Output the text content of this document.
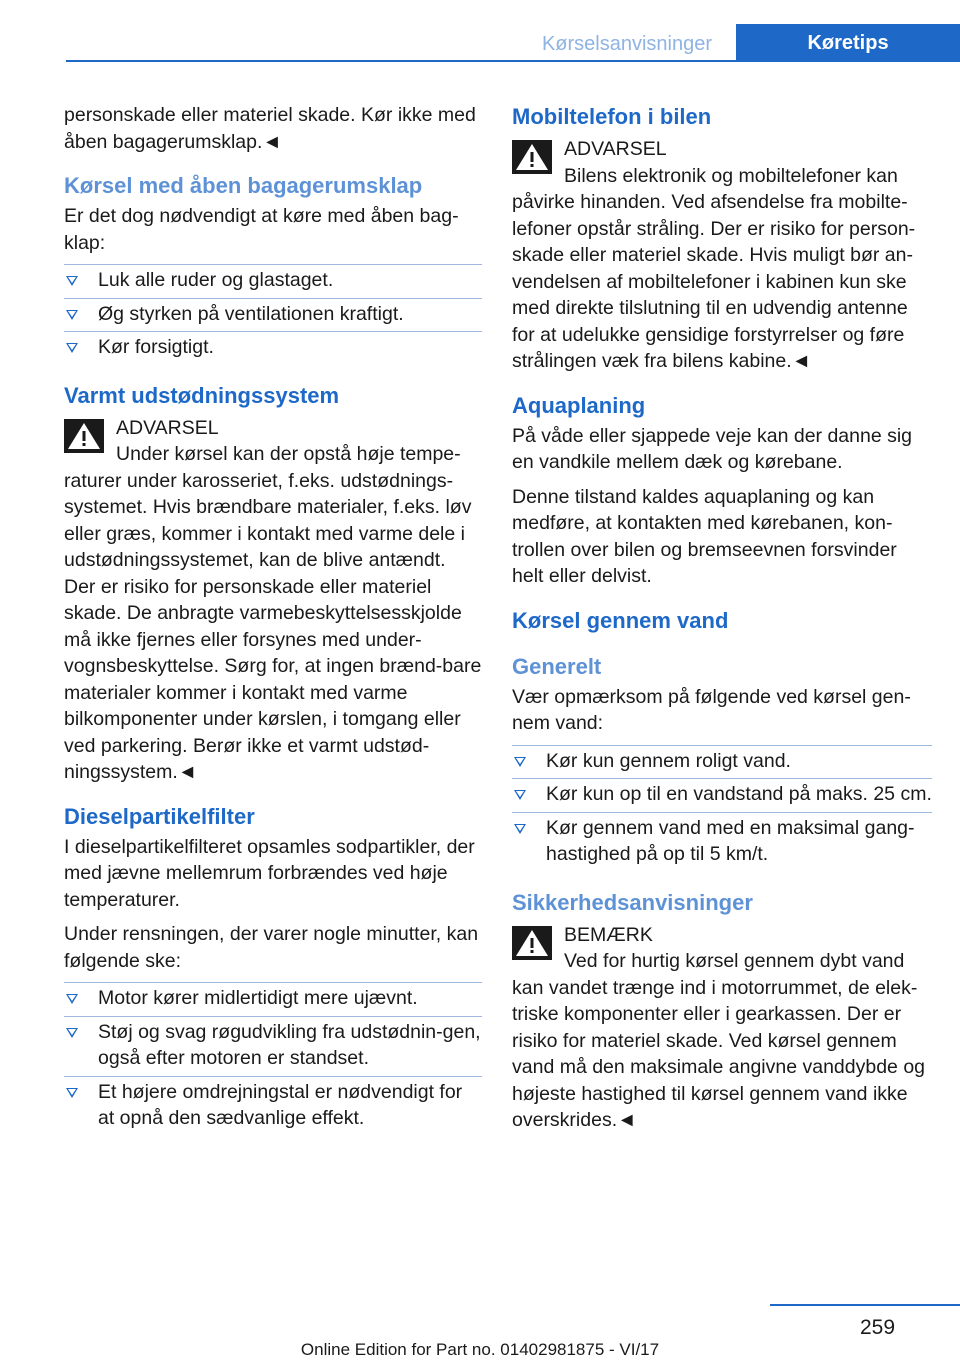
Kørselsanvisninger	Køretips

personskade eller materiel skade. Kør ikke med åben bagagerumsklap.◄

Kørsel med åben bagagerumsklap

Er det dog nødvendigt at køre med åben bag‐klap:

Luk alle ruder og glastaget.
Øg styrken på ventilationen kraftigt.
Kør forsigtigt.
Varmt udstødningssystem
ADVARSEL
Under kørsel kan der opstå høje tempe‐

raturer under karosseriet, f.eks. udstødnings‐systemet. Hvis brændbare materialer, f.eks. løv eller græs, kommer i kontakt med varme dele i udstødningssystemet, kan de blive antændt. Der er risiko for personskade eller materiel skade. De anbragte varmebeskyttelsesskjolde må ikke fjernes eller forsynes med under‐vognsbeskyttelse. Sørg for, at ingen brænd‐bare materialer kommer i kontakt med varme bilkomponenter under kørslen, i tomgang eller ved parkering. Berør ikke et varmt udstød‐ningssystem.◄

Dieselpartikelfilter

I dieselpartikelfilteret opsamles sodpartikler, der med jævne mellemrum forbrændes ved høje temperaturer.

Under rensningen, der varer nogle minutter, kan følgende ske:

Motor kører midlertidigt mere ujævnt.
Støj og svag røgudvikling fra udstødnin‐gen, også efter motoren er standset.
Et højere omdrejningstal er nødvendigt for at opnå den sædvanlige effekt.
Mobiltelefon i bilen
ADVARSEL
Bilens elektronik og mobiltelefoner kan

påvirke hinanden. Ved afsendelse fra mobilte‐lefoner opstår stråling. Der er risiko for person‐skade eller materiel skade. Hvis muligt bør an‐vendelsen af mobiltelefoner i kabinen kun ske med direkte tilslutning til en udvendig antenne for at udelukke gensidige forstyrrelser og føre strålingen væk fra bilens kabine.◄

Aquaplaning

På våde eller sjappede veje kan der danne sig en vandkile mellem dæk og kørebane.

Denne tilstand kaldes aquaplaning og kan medføre, at kontakten med kørebanen, kon‐trollen over bilen og bremseevnen forsvinder helt eller delvist.

Kørsel gennem vand
Generelt

Vær opmærksom på følgende ved kørsel gen‐nem vand:

Kør kun gennem roligt vand.
Kør kun op til en vandstand på maks. 25 cm.
Kør gennem vand med en maksimal gang‐hastighed på op til 5 km/t.
Sikkerhedsanvisninger
BEMÆRK
Ved for hurtig kørsel gennem dybt vand

kan vandet trænge ind i motorrummet, de elek‐triske komponenter eller i gearkassen. Der er risiko for materiel skade. Ved kørsel gennem vand må den maksimale angivne vanddybde og højeste hastighed til kørsel gennem vand ikke overskrides.◄

259
Online Edition for Part no. 01402981875 - VI/17
